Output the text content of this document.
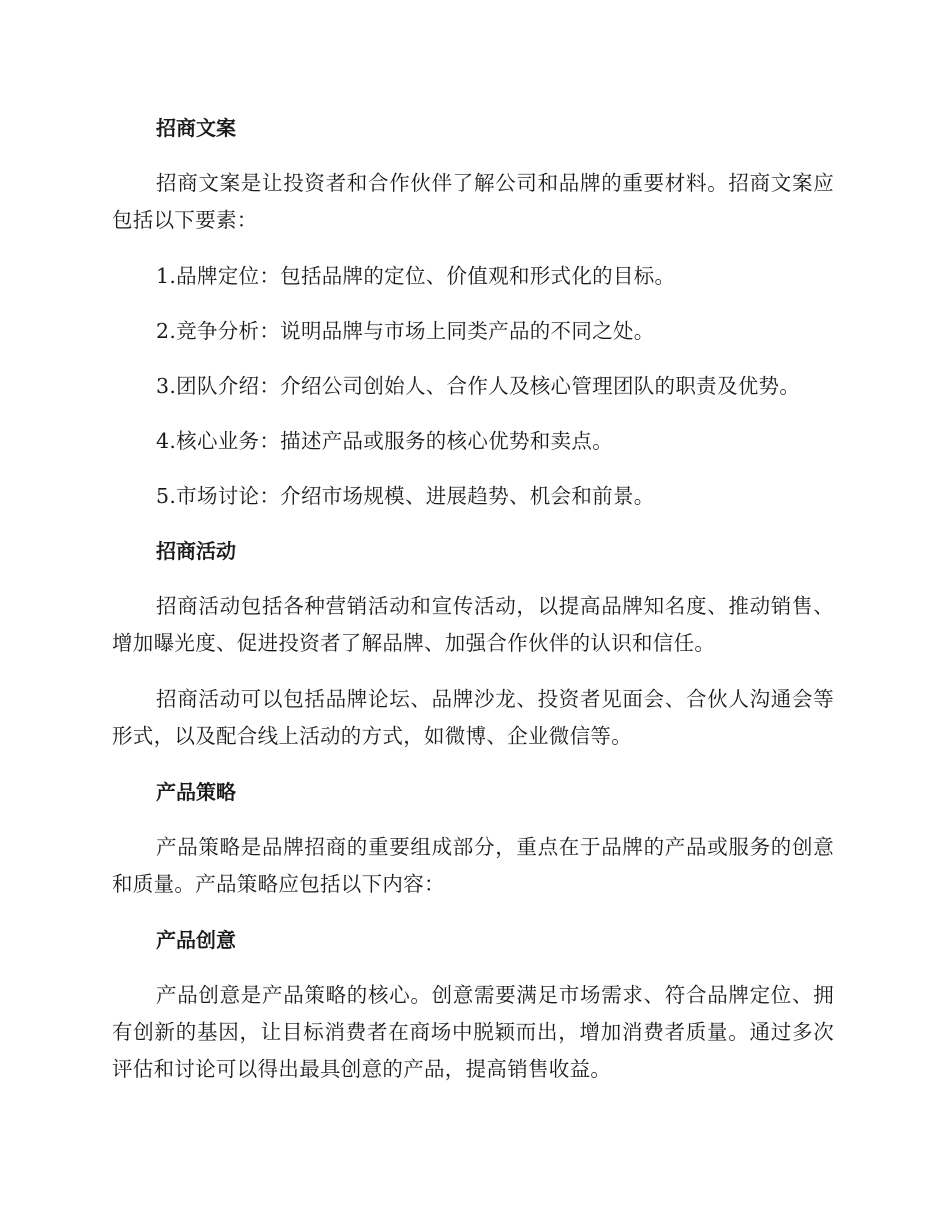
招商文案

招商文案是让投资者和合作伙伴了解公司和品牌的重要材料。招商文案应包括以下要素：

1.品牌定位：包括品牌的定位、价值观和形式化的目标。

2.竞争分析：说明品牌与市场上同类产品的不同之处。

3.团队介绍：介绍公司创始人、合作人及核心管理团队的职责及优势。

4.核心业务：描述产品或服务的核心优势和卖点。

5.市场讨论：介绍市场规模、进展趋势、机会和前景。

招商活动

招商活动包括各种营销活动和宣传活动，以提高品牌知名度、推动销售、增加曝光度、促进投资者了解品牌、加强合作伙伴的认识和信任。

招商活动可以包括品牌论坛、品牌沙龙、投资者见面会、合伙人沟通会等形式，以及配合线上活动的方式，如微博、企业微信等。

产品策略

产品策略是品牌招商的重要组成部分，重点在于品牌的产品或服务的创意和质量。产品策略应包括以下内容：

产品创意

产品创意是产品策略的核心。创意需要满足市场需求、符合品牌定位、拥有创新的基因，让目标消费者在商场中脱颖而出，增加消费者质量。通过多次评估和讨论可以得出最具创意的产品，提高销售收益。
